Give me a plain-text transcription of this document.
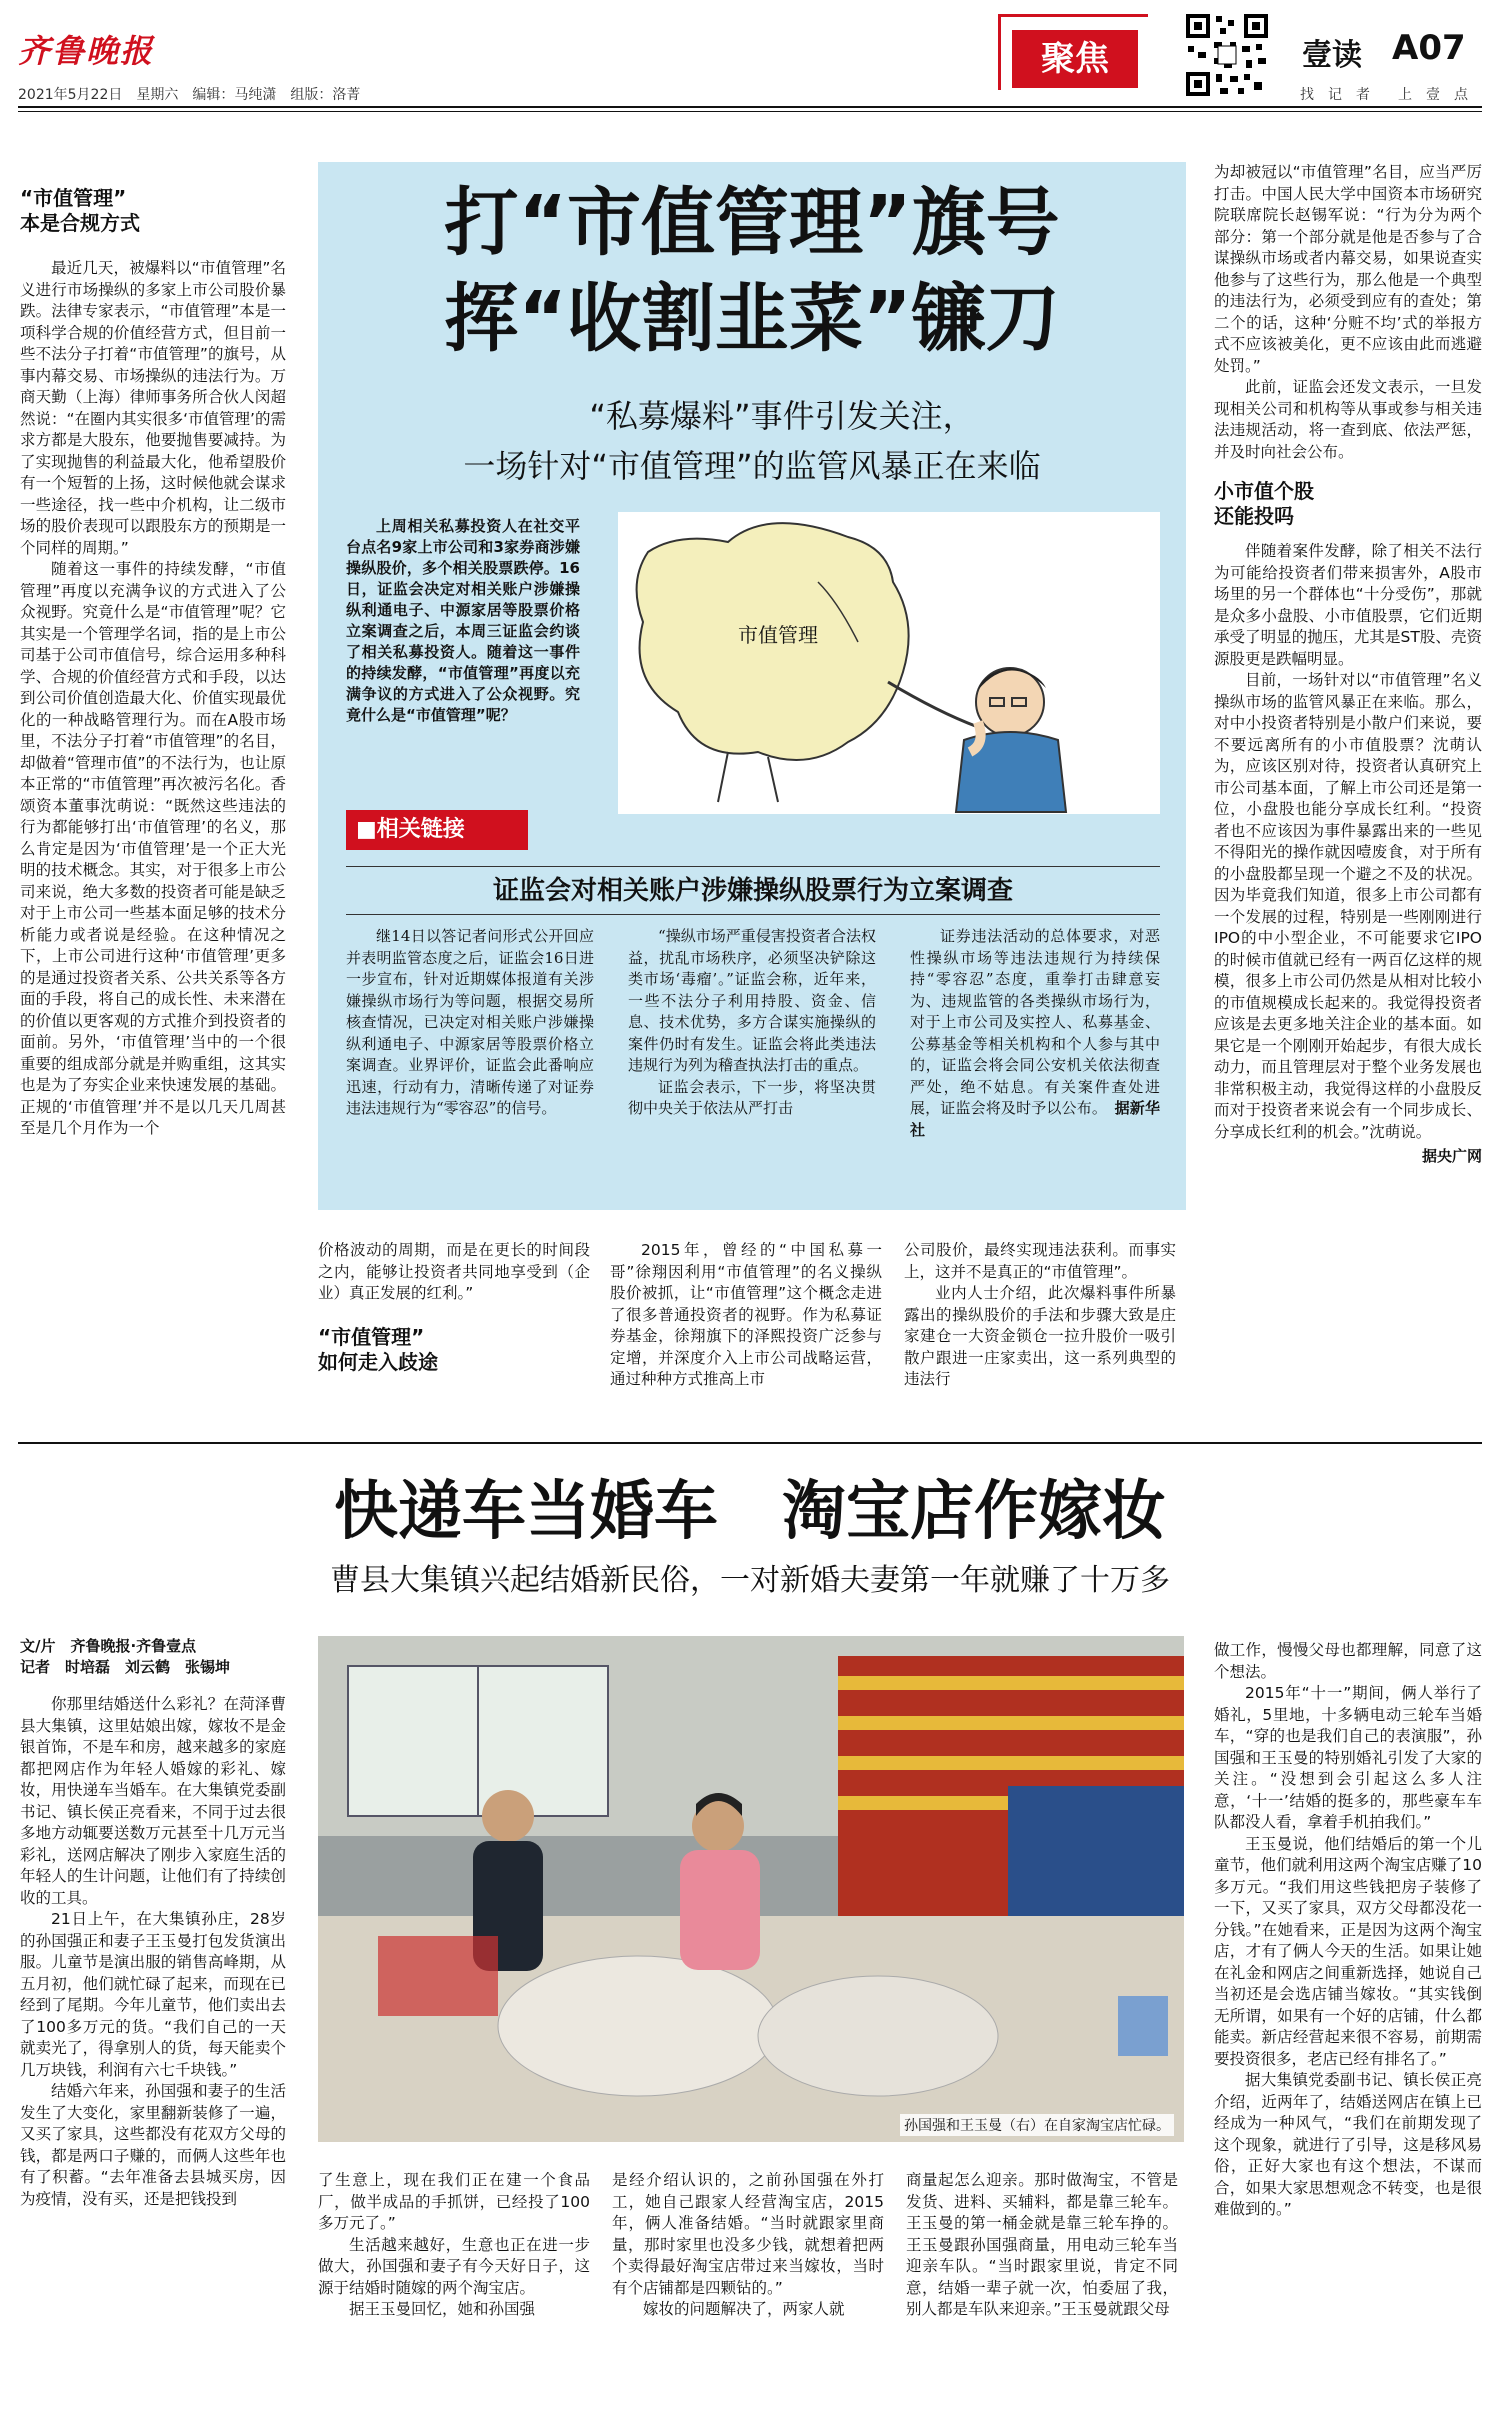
齐鲁晚报
2021年5月22日　星期六　编辑：马纯潇　组版：洛菁
聚焦	壹读 A07
找　记　者　　上　壹　点
“市值管理”
本是合规方式

最近几天，被爆料以“市值管理”名义进行市场操纵的多家上市公司股价暴跌。法律专家表示，“市值管理”本是一项科学合规的价值经营方式，但目前一些不法分子打着“市值管理”的旗号，从事内幕交易、市场操纵的违法行为。万商天勤（上海）律师事务所合伙人闵超然说：“在圈内其实很多‘市值管理’的需求方都是大股东，他要抛售要减持。为了实现抛售的利益最大化，他希望股价有一个短暂的上扬，这时候他就会谋求一些途径，找一些中介机构，让二级市场的股价表现可以跟股东方的预期是一个同样的周期。”

随着这一事件的持续发酵，“市值管理”再度以充满争议的方式进入了公众视野。究竟什么是“市值管理”呢？它其实是一个管理学名词，指的是上市公司基于公司市值信号，综合运用多种科学、合规的价值经营方式和手段，以达到公司价值创造最大化、价值实现最优化的一种战略管理行为。而在A股市场里，不法分子打着“市值管理”的名目，却做着“管理市值”的不法行为，也让原本正常的“市值管理”再次被污名化。香颂资本董事沈萌说：“既然这些违法的行为都能够打出‘市值管理’的名义，那么肯定是因为‘市值管理’是一个正大光明的技术概念。其实，对于很多上市公司来说，绝大多数的投资者可能是缺乏对于上市公司一些基本面足够的技术分析能力或者说是经验。在这种情况之下，上市公司进行这种‘市值管理’更多的是通过投资者关系、公共关系等各方面的手段，将自己的成长性、未来潜在的价值以更客观的方式推介到投资者的面前。另外，‘市值管理’当中的一个很重要的组成部分就是并购重组，这其实也是为了夯实企业来快速发展的基础。正规的‘市值管理’并不是以几天几周甚至是几个月作为一个

打“市值管理”旗号
挥“收割韭菜”镰刀
“私募爆料”事件引发关注，
一场针对“市值管理”的监管风暴正在来临

上周相关私募投资人在社交平台点名9家上市公司和3家券商涉嫌操纵股价，多个相关股票跌停。16日，证监会决定对相关账户涉嫌操纵利通电子、中源家居等股票价格立案调查之后，本周三证监会约谈了相关私募投资人。随着这一事件的持续发酵，“市值管理”再度以充满争议的方式进入了公众视野。究竟什么是“市值管理”呢？

市值管理
■相关链接
证监会对相关账户涉嫌操纵股票行为立案调查

继14日以答记者问形式公开回应并表明监管态度之后，证监会16日进一步宣布，针对近期媒体报道有关涉嫌操纵市场行为等问题，根据交易所核查情况，已决定对相关账户涉嫌操纵利通电子、中源家居等股票价格立案调查。业界评价，证监会此番响应迅速，行动有力，清晰传递了对证券违法违规行为“零容忍”的信号。

“操纵市场严重侵害投资者合法权益，扰乱市场秩序，必须坚决铲除这类市场‘毒瘤’。”证监会称，近年来，一些不法分子利用持股、资金、信息、技术优势，多方合谋实施操纵的案件仍时有发生。证监会将此类违法违规行为列为稽查执法打击的重点。

证监会表示，下一步，将坚决贯彻中央关于依法从严打击

证券违法活动的总体要求，对恶性操纵市场等违法违规行为持续保持“零容忍”态度，重拳打击肆意妄为、违规监管的各类操纵市场行为，对于上市公司及实控人、私募基金、公募基金等相关机构和个人参与其中的，证监会将会同公安机关依法彻查严处，绝不姑息。有关案件查处进展，证监会将及时予以公布。　 据新华社

价格波动的周期，而是在更长的时间段之内，能够让投资者共同地享受到（企业）真正发展的红利。”

“市值管理”
如何走入歧途

2015年，曾经的“中国私募一哥”徐翔因利用“市值管理”的名义操纵股价被抓，让“市值管理”这个概念走进了很多普通投资者的视野。作为私募证券基金，徐翔旗下的泽熙投资广泛参与定增，并深度介入上市公司战略运营，通过种种方式推高上市

公司股价，最终实现违法获利。而事实上，这并不是真正的“市值管理”。

业内人士介绍，此次爆料事件所暴露出的操纵股价的手法和步骤大致是庄家建仓一大资金锁仓一拉升股价一吸引散户跟进一庄家卖出，这一系列典型的违法行

为却被冠以“市值管理”名目，应当严厉打击。中国人民大学中国资本市场研究院联席院长赵锡军说：“行为分为两个部分：第一个部分就是他是否参与了合谋操纵市场或者内幕交易，如果说查实他参与了这些行为，那么他是一个典型的违法行为，必须受到应有的查处；第二个的话，这种‘分赃不均’式的举报方式不应该被美化，更不应该由此而逃避处罚。”

此前，证监会还发文表示，一旦发现相关公司和机构等从事或参与相关违法违规活动，将一查到底、依法严惩，并及时向社会公布。

小市值个股
还能投吗

伴随着案件发酵，除了相关不法行为可能给投资者们带来损害外，A股市场里的另一个群体也“十分受伤”，那就是众多小盘股、小市值股票，它们近期承受了明显的抛压，尤其是ST股、壳资源股更是跌幅明显。

目前，一场针对以“市值管理”名义操纵市场的监管风暴正在来临。那么，对中小投资者特别是小散户们来说，要不要远离所有的小市值股票？沈萌认为，应该区别对待，投资者认真研究上市公司基本面，了解上市公司还是第一位，小盘股也能分享成长红利。“投资者也不应该因为事件暴露出来的一些见不得阳光的操作就因噎废食，对于所有的小盘股都呈现一个避之不及的状况。因为毕竟我们知道，很多上市公司都有一个发展的过程，特别是一些刚刚进行IPO的中小型企业，不可能要求它IPO的时候市值就已经有一两百亿这样的规模，很多上市公司仍然是从相对比较小的市值规模成长起来的。我觉得投资者应该是去更多地关注企业的基本面。如果它是一个刚刚开始起步，有很大成长动力，而且管理层对于整个业务发展也非常积极主动，我觉得这样的小盘股反而对于投资者来说会有一个同步成长、分享成长红利的机会。”沈萌说。

据央广网
快递车当婚车　淘宝店作嫁妆
曹县大集镇兴起结婚新民俗，一对新婚夫妻第一年就赚了十万多
文/片　齐鲁晚报·齐鲁壹点
记者　时培磊　刘云鹤　张锡坤

你那里结婚送什么彩礼？在菏泽曹县大集镇，这里姑娘出嫁，嫁妆不是金银首饰，不是车和房，越来越多的家庭都把网店作为年轻人婚嫁的彩礼、嫁妆，用快递车当婚车。在大集镇党委副书记、镇长侯正亮看来，不同于过去很多地方动辄要送数万元甚至十几万元当彩礼，送网店解决了刚步入家庭生活的年轻人的生计问题，让他们有了持续创收的工具。

21日上午，在大集镇孙庄，28岁的孙国强正和妻子王玉曼打包发货演出服。儿童节是演出服的销售高峰期，从五月初，他们就忙碌了起来，而现在已经到了尾期。今年儿童节，他们卖出去了100多万元的货。“我们自己的一天就卖光了，得拿别人的货，每天能卖个几万块钱，利润有六七千块钱。”

结婚六年来，孙国强和妻子的生活发生了大变化，家里翻新装修了一遍，又买了家具，这些都没有花双方父母的钱，都是两口子赚的，而俩人这些年也有了积蓄。“去年准备去县城买房，因为疫情，没有买，还是把钱投到

孙国强和王玉曼（右）在自家淘宝店忙碌。

了生意上，现在我们正在建一个食品厂，做半成品的手抓饼，已经投了100多万元了。”

生活越来越好，生意也正在进一步做大，孙国强和妻子有今天好日子，这源于结婚时随嫁的两个淘宝店。

据王玉曼回忆，她和孙国强

是经介绍认识的，之前孙国强在外打工，她自己跟家人经营淘宝店，2015年，俩人准备结婚。“当时就跟家里商量，那时家里也没多少钱，就想着把两个卖得最好淘宝店带过来当嫁妆，当时有个店铺都是四颗钻的。”

嫁妆的问题解决了，两家人就

商量起怎么迎亲。那时做淘宝，不管是发货、进料、买辅料，都是靠三轮车。王玉曼的第一桶金就是靠三轮车挣的。王玉曼跟孙国强商量，用电动三轮车当迎亲车队。“当时跟家里说，肯定不同意，结婚一辈子就一次，怕委屈了我，别人都是车队来迎亲。”王玉曼就跟父母

做工作，慢慢父母也都理解，同意了这个想法。

2015年“十一”期间，俩人举行了婚礼，5里地，十多辆电动三轮车当婚车，“穿的也是我们自己的表演服”，孙国强和王玉曼的特别婚礼引发了大家的关注。“没想到会引起这么多人注意，‘十一’结婚的挺多的，那些豪车车队都没人看，拿着手机拍我们。”

王玉曼说，他们结婚后的第一个儿童节，他们就利用这两个淘宝店赚了10多万元。“我们用这些钱把房子装修了一下，又买了家具，双方父母都没花一分钱。”在她看来，正是因为这两个淘宝店，才有了俩人今天的生活。如果让她在礼金和网店之间重新选择，她说自己当初还是会选店铺当嫁妆。“其实钱倒无所谓，如果有一个好的店铺，什么都能卖。新店经营起来很不容易，前期需要投资很多，老店已经有排名了。”

据大集镇党委副书记、镇长侯正亮介绍，近两年了，结婚送网店在镇上已经成为一种风气，“我们在前期发现了这个现象，就进行了引导，这是移风易俗，正好大家也有这个想法，不谋而合，如果大家思想观念不转变，也是很难做到的。”
